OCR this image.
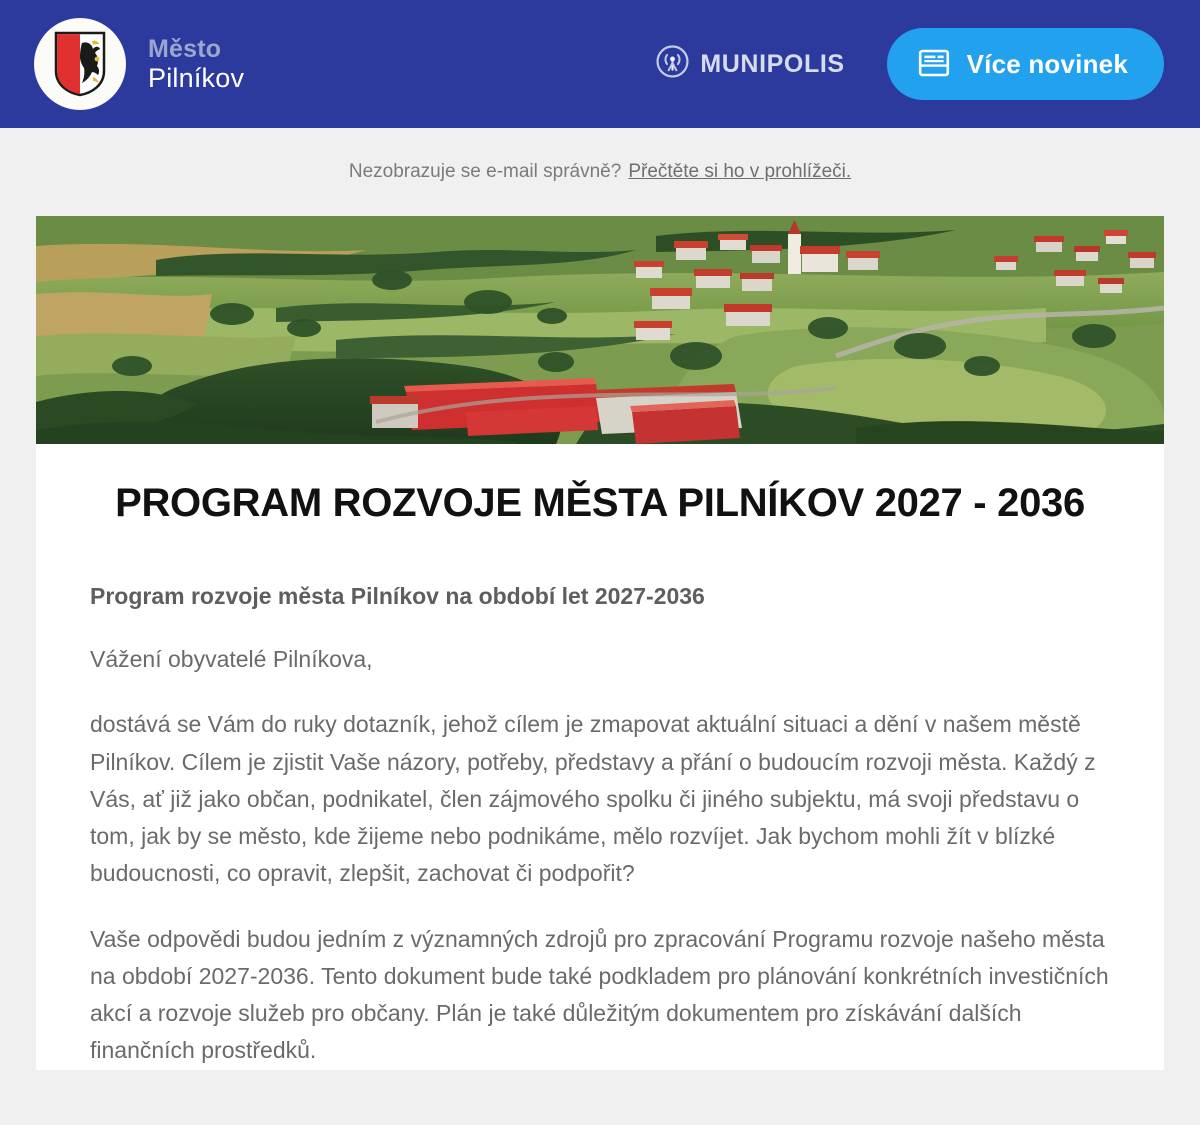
Město
Pilníkov	MUNIPOLIS	Více novinek
Nezobrazuje se e-mail správně? Přečtěte si ho v prohlížeči.
PROGRAM ROZVOJE MĚSTA PILNÍKOV 2027 - 2036

Program rozvoje města Pilníkov na období let 2027-2036

Vážení obyvatelé Pilníkova,

dostává se Vám do ruky dotazník, jehož cílem je zmapovat aktuální situaci a dění v našem městě Pilníkov. Cílem je zjistit Vaše názory, potřeby, představy a přání o budoucím rozvoji města. Každý z Vás, ať již jako občan, podnikatel, člen zájmového spolku či jiného subjektu, má svoji představu o tom, jak by se město, kde žijeme nebo podnikáme, mělo rozvíjet. Jak bychom mohli žít v blízké budoucnosti, co opravit, zlepšit, zachovat či podpořit?

Vaše odpovědi budou jedním z významných zdrojů pro zpracování Programu rozvoje našeho města na období 2027-2036. Tento dokument bude také podkladem pro plánování konkrétních investičních akcí a rozvoje služeb pro občany. Plán je také důležitým dokumentem pro získávání dalších finančních prostředků.
